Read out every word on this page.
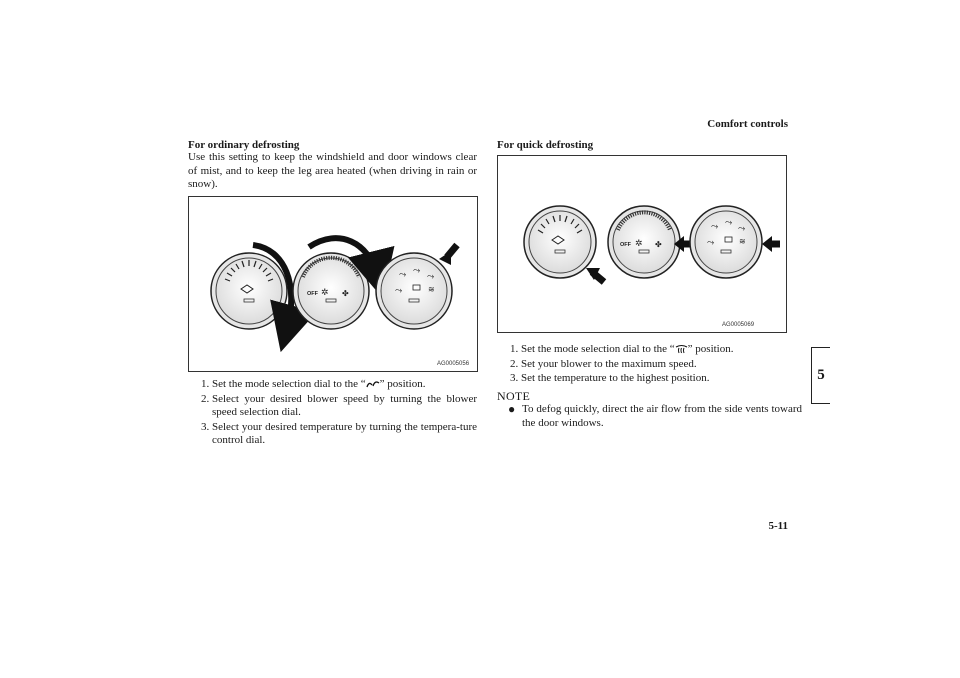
Comfort controls
5
For ordinary defrosting
Use this setting to keep the windshield and door windows clear of mist, and to keep the leg area heated (when driving in rain or snow).
OFF ✲ ✤
⤳ ⤳
⤳
⤳	≋
AG0005056
1. Set the mode selection dial to the “ ” position.
2. Select your desired blower speed by turning the blower speed selection dial.
3. Select your desired temperature by turning the tempera-ture control dial.
For quick defrosting
OFF ✲ ✤
⤳ ⤳
⤳
⤳	≋
AG0005069
1. Set the mode selection dial to the “ ” position.
2. Set your blower to the maximum speed.
3. Set the temperature to the highest position.
NOTE
● To defog quickly, direct the air flow from the side vents toward the door windows.
5-11
